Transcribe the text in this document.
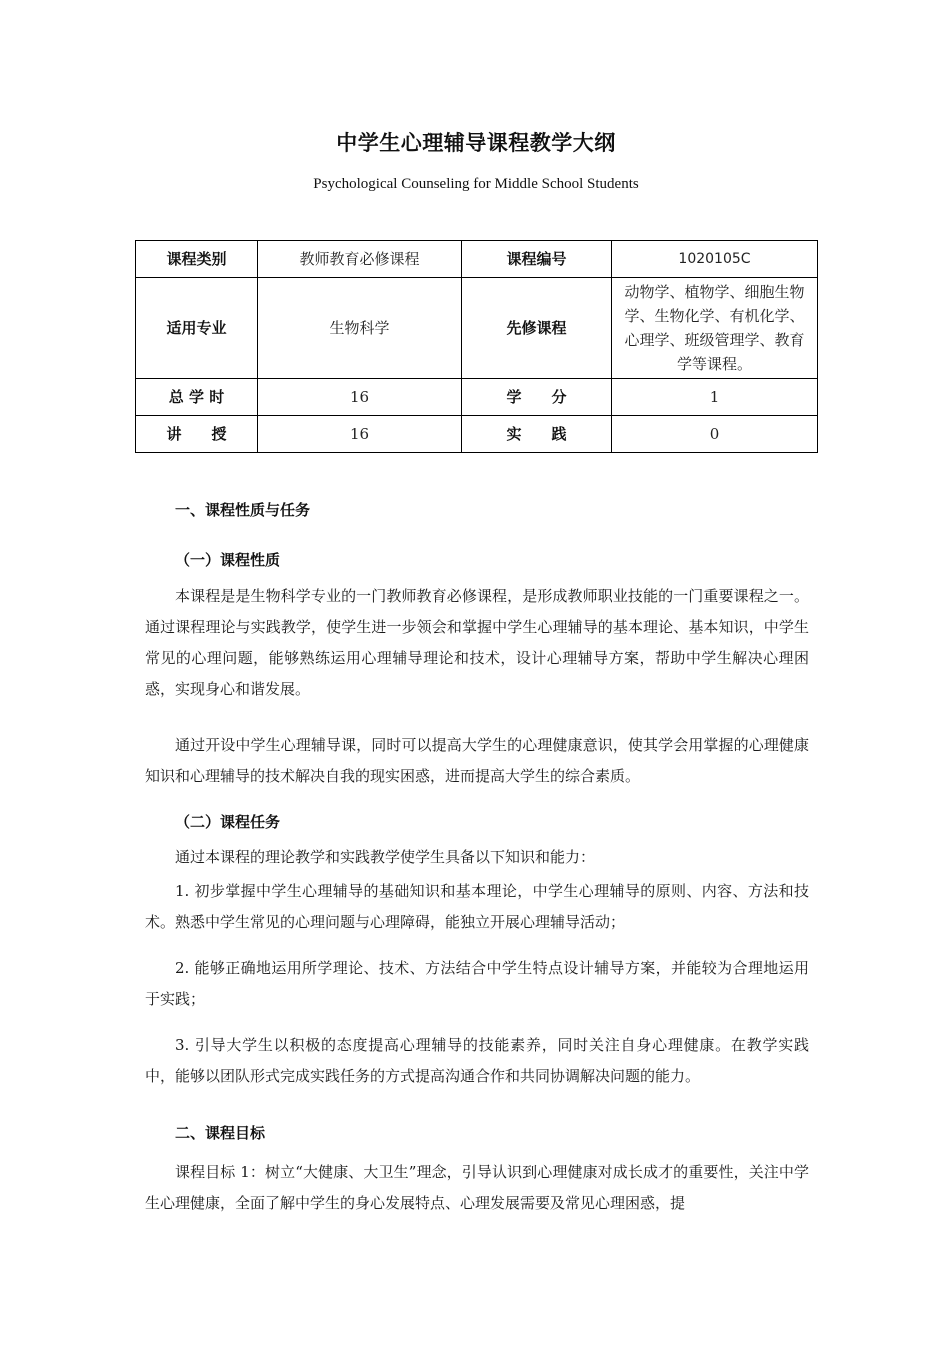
中学生心理辅导课程教学大纲
Psychological Counseling for Middle School Students
课程类别	教师教育必修课程	课程编号	1020105C
适用专业	生物科学	先修课程	动物学、植物学、细胞生物学、生物化学、有机化学、心理学、班级管理学、教育学等课程。
总 学 时	16	学　　分	1
讲　　授	16	实　　践	0
一、课程性质与任务
（一）课程性质
本课程是是生物科学专业的一门教师教育必修课程，是形成教师职业技能的一门重要课程之一。通过课程理论与实践教学，使学生进一步领会和掌握中学生心理辅导的基本理论、基本知识，中学生常见的心理问题，能够熟练运用心理辅导理论和技术，设计心理辅导方案，帮助中学生解决心理困惑，实现身心和谐发展。
通过开设中学生心理辅导课，同时可以提高大学生的心理健康意识，使其学会用掌握的心理健康知识和心理辅导的技术解决自我的现实困惑，进而提高大学生的综合素质。
（二）课程任务
通过本课程的理论教学和实践教学使学生具备以下知识和能力：
1. 初步掌握中学生心理辅导的基础知识和基本理论，中学生心理辅导的原则、内容、方法和技术。熟悉中学生常见的心理问题与心理障碍，能独立开展心理辅导活动；
2. 能够正确地运用所学理论、技术、方法结合中学生特点设计辅导方案，并能较为合理地运用于实践；
3. 引导大学生以积极的态度提高心理辅导的技能素养，同时关注自身心理健康。在教学实践中，能够以团队形式完成实践任务的方式提高沟通合作和共同协调解决问题的能力。
二、课程目标
课程目标 1：树立“大健康、大卫生”理念，引导认识到心理健康对成长成才的重要性，关注中学生心理健康，全面了解中学生的身心发展特点、心理发展需要及常见心理困惑，提
